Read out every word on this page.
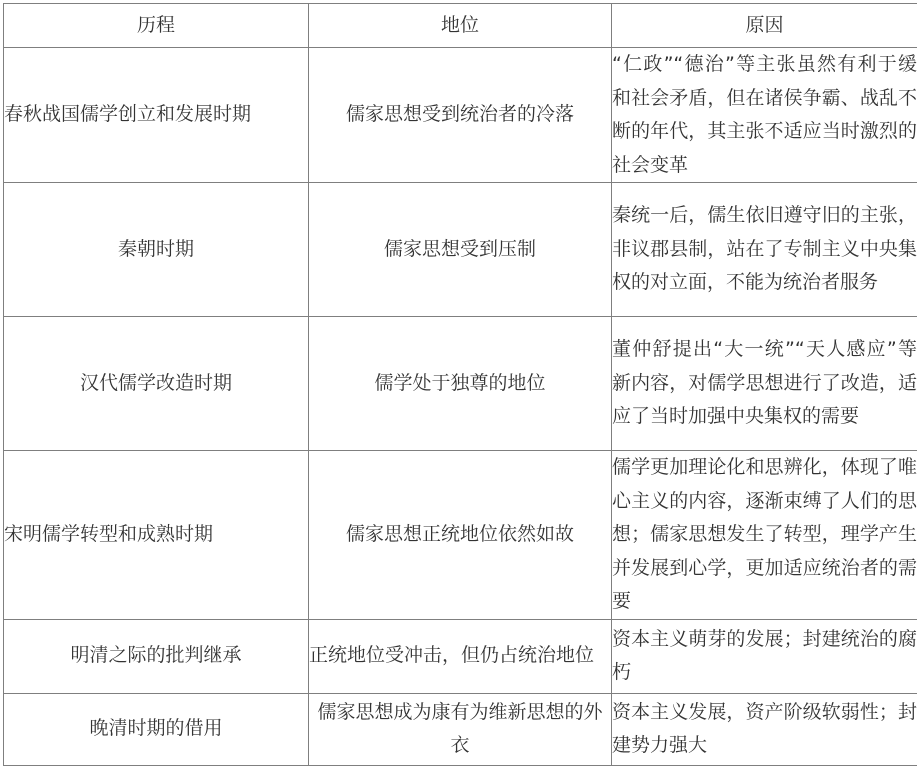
历程	地位	原因
春秋战国儒学创立和发展时期	儒家思想受到统治者的冷落	“仁政”“德治”等主张虽然有利于缓和社会矛盾，但在诸侯争霸、战乱不断的年代，其主张不适应当时激烈的社会变革
秦朝时期	儒家思想受到压制	秦统一后，儒生依旧遵守旧的主张，非议郡县制，站在了专制主义中央集权的对立面，不能为统治者服务
汉代儒学改造时期	儒学处于独尊的地位	董仲舒提出“大一统”“天人感应”等新内容，对儒学思想进行了改造，适应了当时加强中央集权的需要
宋明儒学转型和成熟时期	儒家思想正统地位依然如故	儒学更加理论化和思辨化，体现了唯心主义的内容，逐渐束缚了人们的思想；儒家思想发生了转型，理学产生并发展到心学，更加适应统治者的需要
明清之际的批判继承	正统地位受冲击，但仍占统治地位	资本主义萌芽的发展；封建统治的腐朽
晚清时期的借用	儒家思想成为康有为维新思想的外衣	资本主义发展，资产阶级软弱性；封建势力强大
